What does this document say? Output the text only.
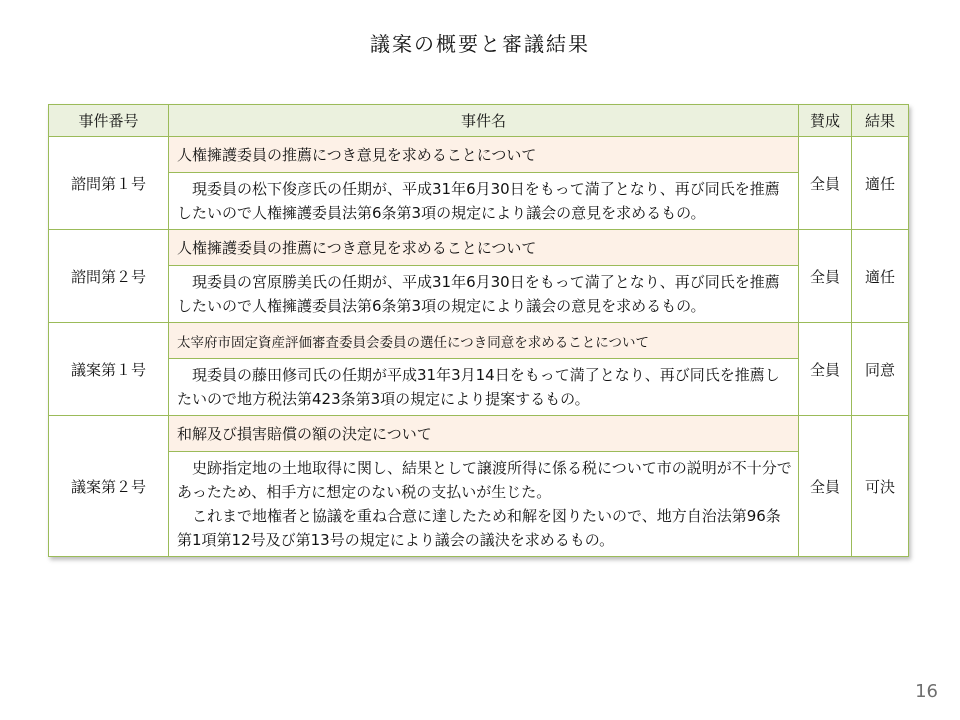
議案の概要と審議結果
事件番号	事件名	賛成	結果
諮問第１号	人権擁護委員の推薦につき意見を求めることについて	全員	適任

	現委員の松下俊彦氏の任期が、平成31年6月30日をもって満了となり、再び同氏を推薦したいので人権擁護委員法第6条第3項の規定により議会の意見を求めるもの。		

諮問第２号	人権擁護委員の推薦につき意見を求めることについて	全員	適任

	現委員の宮原勝美氏の任期が、平成31年6月30日をもって満了となり、再び同氏を推薦したいので人権擁護委員法第6条第3項の規定により議会の意見を求めるもの。		

議案第１号	太宰府市固定資産評価審査委員会委員の選任につき同意を求めることについて	全員	同意

	現委員の藤田修司氏の任期が平成31年3月14日をもって満了となり、再び同氏を推薦したいので地方税法第423条第3項の規定により提案するもの。		

議案第２号	和解及び損害賠償の額の決定について	全員	可決

	史跡指定地の土地取得に関し、結果として譲渡所得に係る税について市の説明が不十分であったため、相手方に想定のない税の支払いが生じた。
これまで地権者と協議を重ね合意に達したため和解を図りたいので、地方自治法第96条第1項第12号及び第13号の規定により議会の議決を求めるもの。		
16
